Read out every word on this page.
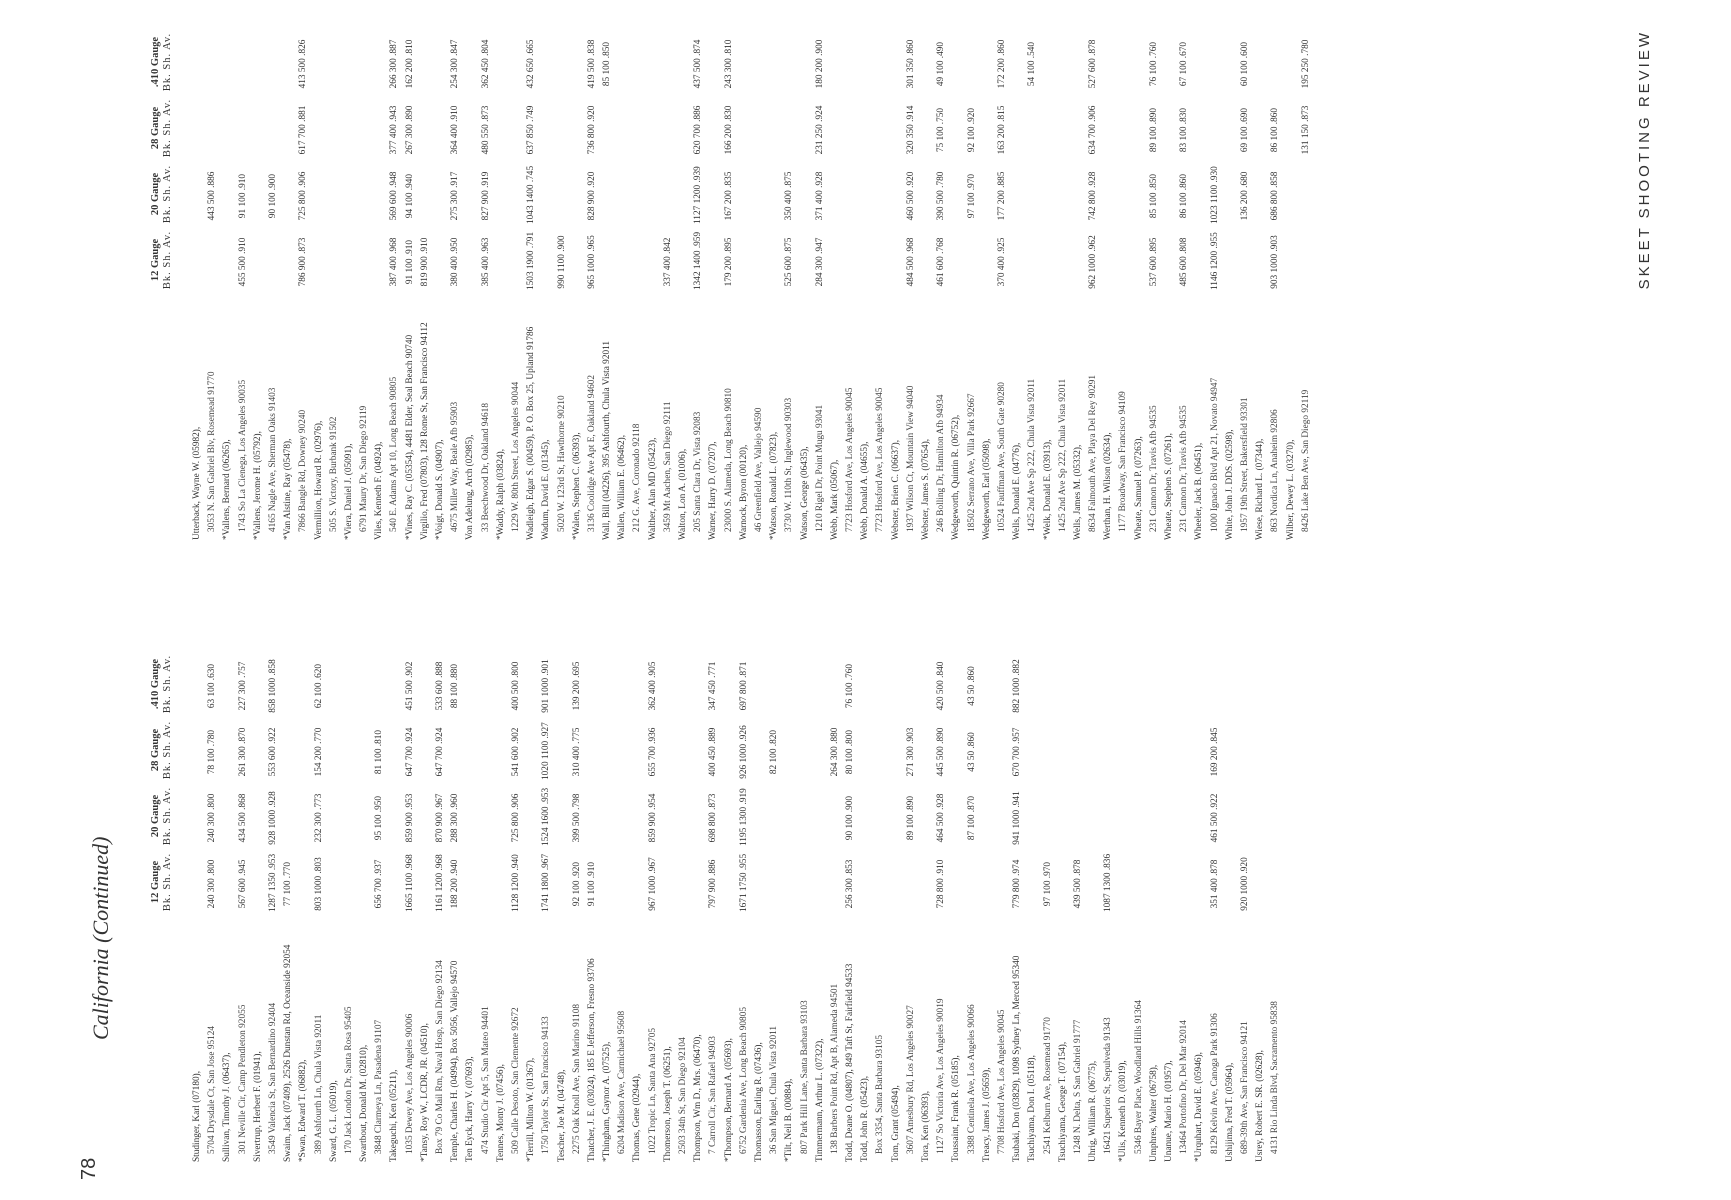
78
California (Continued)
SKEET SHOOTING REVIEW
12 Gauge Bk. Sh. Av.
20 Gauge Bk. Sh. Av.
28 Gauge Bk. Sh. Av.
.410 Gauge Bk. Sh. Av.
Studinger, Karl (07180), 5704 Drysdale Ct, San Jose 95124
240 300 .800
240 300 .800
78 100 .780
63 100 .630
Sullivan, Timothy J. (06437), 301 Neville Cir, Camp Pendleton 92055
567 600 .945
434 500 .868
261 300 .870
227 300 .757
Sivertrup, Herbert F. (01941), 3549 Valencia St, San Bernardino 92404
1287 1350 .953
928 1000 .928
553 600 .922
858 1000 .858
Swaim, Jack (07409), 2526 Dunstan Rd, Oceanside 92054
77 100 .770
*Swan, Edward T. (06882), 389 Ashfourth Ln, Chula Vista 92011
803 1000 .803
232 300 .773
154 200 .770
62 100 .620
Sward, G. L. (05019), 170 Jack London Dr, Santa Rosa 95405 Swartbout, Donald M. (02810), 3848 Clarmeya Ln, Pasadena 91107
656 700 .937
95 100 .950
81 100 .810
Takeguchi, Ken (05211), 1035 Dewey Ave, Los Angeles 90006
1665 1100 .968
859 900 .953
647 700 .924
451 500 .902
*Tansy, Roy W., LCDR, JR. (04510), Box 79 Co Mail Rm, Naval Hosp, San Diego 92134
1161 1200 .968
870 900 .967
647 700 .924
533 600 .888
Temple, Charles H. (04994), Box 5056, Vallejo 94570
188 200 .940
288 300 .960
88 100 .880
Ten Eyck, Harry V. (07693), 474 Studio Cir Apt 5, San Mateo 94401 Tennes, Monty J. (07456), 509 Calle Desoto, San Clemente 92672
1128 1200 .940
725 800 .906
541 600 .902
400 500 .800
*Terrill, Milton W. (01367), 1750 Taylor St, San Francisco 94133
1741 1800 .967
1524 1600 .953
1020 1100 .927
901 1000 .901
Tescher, Joe M. (04748), 2275 Oak Knoll Ave, San Marino 91108
92 100 .920
399 500 .798
310 400 .775
139 200 .695
Thatcher, J. E. (03024), 185 E Jefferson, Fresno 93706
91 100 .910
*Thingham, Gaynor A. (07525), 6204 Madison Ave, Carmichael 95608 Thomas, Gene (02944), 1022 Tropic Ln, Santa Ana 92705
967 1000 .967
859 900 .954
655 700 .936
362 400 .905
Thomerson, Joseph T. (06251), 2503 34th St, San Diego 92104 Thompson, Wm D., Mrs. (06470), 7 Carroll Cir, San Rafael 94903
797 900 .886
698 800 .873
400 450 .889
347 450 .771
*Thompson, Bernard A. (05693), 6752 Gardenia Ave, Long Beach 90805
1671 1750 .955
1195 1300 .919
926 1000 .926
697 800 .871
Thomasson, Earling R. (07436), 36 San Miguel, Chula Vista 92011
82 100 .820
*Tilt, Neil B. (00884), 807 Park Hill Lane, Santa Barbara 93103 Timmermann, Arthur L. (07322), 138 Barbers Point Rd, Apt B, Alameda 94501
264 300 .880
Todd, Deane O. (04807), 849 Taft St, Fairfield 94533
256 300 .853
90 100 .900
80 100 .800
76 100 .760
Todd, John R. (05423), Box 3354, Santa Barbara 93105 Tom, Grant (05494), 3607 Amesbury Rd, Los Angeles 90027
89 100 .890
271 300 .903
Tora, Ken (06393), 1127 So Victoria Ave, Los Angeles 90019
728 800 .910
464 500 .928
445 500 .890
420 500 .840
Toussaint, Frank R. (05185), 3388 Centinela Ave, Los Angeles 90066
87 100 .870
43 50 .860
43 50 .860
Treacy, James J. (05659), 7708 Hosford Ave, Los Angeles 90045 Tsubaki, Don (03829), 1098 Sydney Ln, Merced 95340
779 800 .974
941 1000 .941
670 700 .957
882 1000 .882
Tsuchiyama, Don I. (05118), 2541 Kelburn Ave, Rosemead 91770
97 100 .970
Tsuchiyama, George T. (07154), 1248 N. Delta, S San Gabriel 91777
439 500 .878
Uhrig, William R. (06775), 16421 Superior St, Sepulveda 91343
1087 1300 .836
*Ulis, Kenneth D. (03019), 5346 Bayer Place, Woodland Hills 91364 Umphres, Walter (06758), Unanue, Mario H. (01957), 13464 Portofino Dr, Del Mar 92014 *Urquhart, David E. (05946), 8129 Kelvin Ave, Canoga Park 91306
351 400 .878
461 500 .922
169 200 .845
Ushijima, Fred T. (05964), 689-39th Ave, San Francisco 94121
920 1000 .920
Usrey, Robert E. SR. (02628), 4131 Rio Linda Blvd, Sacramento 95838
12 Gauge Bk. Sh. Av.
20 Gauge Bk. Sh. Av.
28 Gauge Bk. Sh. Av.
.410 Gauge Bk. Sh. Av.
Utterback, Wayne W. (05982), 3053 N. San Gabriel Blv, Rosemead 91770
443 500 .886
*Vallens, Bernard (06265), 1743 So La Cienega, Los Angeles 90035
455 500 .910
91 100 .910
*Vallens, Jerome H. (05792), 4165 Nagle Ave, Sherman Oaks 91403
90 100 .900
*Van Alstine, Ray (05478), 7866 Bangle Rd, Downey 90240
786 900 .873
725 800 .906
617 700 .881
413 500 .826
Vermillion, Howard R. (02976), 505 S. Victory, Burbank 91502 *Viera, Daniel J. (05091), 6791 Maury Dr, San Diego 92119 Viles, Kenneth F. (04924), 540 E. Adams Apt 10, Long Beach 90805
387 400 .968
569 600 .948
377 400 .943
266 300 .887
*Vines, Ray C. (05354), 4481 Elder, Seal Beach 90740
91 100 .910
94 100 .940
267 300 .890
162 200 .810
Virgilio, Fred (07803), 128 Rome St, San Francisco 94112
819 900 .910
*Voigt, Donald S. (04907), 4675 Miller Way, Beale Afb 95903
380 400 .950
275 300 .917
364 400 .910
254 300 .847
Von Adelung, Arch (02985), 33 Beechwood Dr, Oakland 94618
385 400 .963
827 900 .919
480 550 .873
362 450 .804
*Waddy, Ralph (03824), 1229 W. 80th Street, Los Angeles 90044 Wadleigh, Edgar S. (00459), P. O. Box 25, Upland 91786
1503 1900 .791
1043 1400 .745
637 850 .749
432 650 .665
Wadum, David E. (01345), 5020 W. 123rd St, Hawthorne 90210
990 1100 .900
*Walen, Stephen C. (06393), 3136 Coolidge Ave Apt E, Oakland 94602
965 1000 .965
828 900 .920
736 800 .920
419 500 .838
Wall, Bill (04226), 395 Ashfourth, Chula Vista 92011
85 100 .850
Wallen, William E. (06462), 212 G. Ave, Coronado 92118 Walther, Alan MD (05423), 3459 Mt Aachen, San Diego 92111
337 400 .842
Walton, Lon A. (01006), 205 Santa Clara Dr, Vista 92083
1342 1400 .959
1127 1200 .939
620 700 .886
437 500 .874
Warner, Harry D. (07207), 23000 S. Alameda, Long Beach 90810
179 200 .895
167 200 .835
166 200 .830
243 300 .810
Warnock, Byron (00120), 46 Greenfield Ave, Vallejo 94590 *Watson, Ronald L. (07823), 3730 W. 110th St, Inglewood 90303
525 600 .875
350 400 .875
Watson, George (06435), 1210 Rigel Dr, Point Mugu 93041
284 300 .947
371 400 .928
231 250 .924
180 200 .900
Webb, Mark (05067), 7723 Hosford Ave, Los Angeles 90045 Webb, Donald A. (04655), 7723 Hosford Ave, Los Angeles 90045 Webster, Brien C. (06637), 1937 Wilson Ct, Mountain View 94040
484 500 .968
460 500 .920
320 350 .914
301 350 .860
Webster, James S. (07654), 246 Bolling Dr, Hamilton Afb 94934
461 600 .768
390 500 .780
75 100 .750
49 100 .490
Wedgeworth, Quintin R. (06752), 18502 Serrano Ave, Villa Park 92667
97 100 .970
92 100 .920
Wedgeworth, Earl (05098), 10524 Fauffman Ave, South Gate 90280
370 400 .925
177 200 .885
163 200 .815
172 200 .860
Wells, Donald E. (04776), 1425 2nd Ave Sp 222, Chula Vista 92011
54 100 .540
*Welk, Donald E. (03913), 1425 2nd Ave Sp 222, Chula Vista 92011 Wells, James M. (05332), 8634 Falmouth Ave, Playa Del Rey 90291
962 1000 .962
742 800 .928
634 700 .906
527 600 .878
Werthan, H. Wilson (02634), 1177 Broadway, San Francisco 94109 Wheate, Samuel P. (07263), 231 Cannon Dr, Travis Afb 94535
537 600 .895
85 100 .850
89 100 .890
76 100 .760
Wheate, Stephen S. (07261), 231 Cannon Dr, Travis Afb 94535
485 600 .808
86 100 .860
83 100 .830
67 100 .670
Wheeler, Jack B. (06451), 1000 Ignacio Blvd Apt 21, Novato 94947
1146 1200 .955
1023 1100 .930
White, John J. DDS. (02598), 1957 19th Street, Bakersfield 93301
136 200 .680
69 100 .690
60 100 .600
Wiese, Richard L. (07344), 863 Nordica Ln, Anaheim 92806
903 1000 .903
686 800 .858
86 100 .860
Wilber, Dewey L. (03270), 8426 Lake Ben Ave, San Diego 92119
131 150 .873
195 250 .780
